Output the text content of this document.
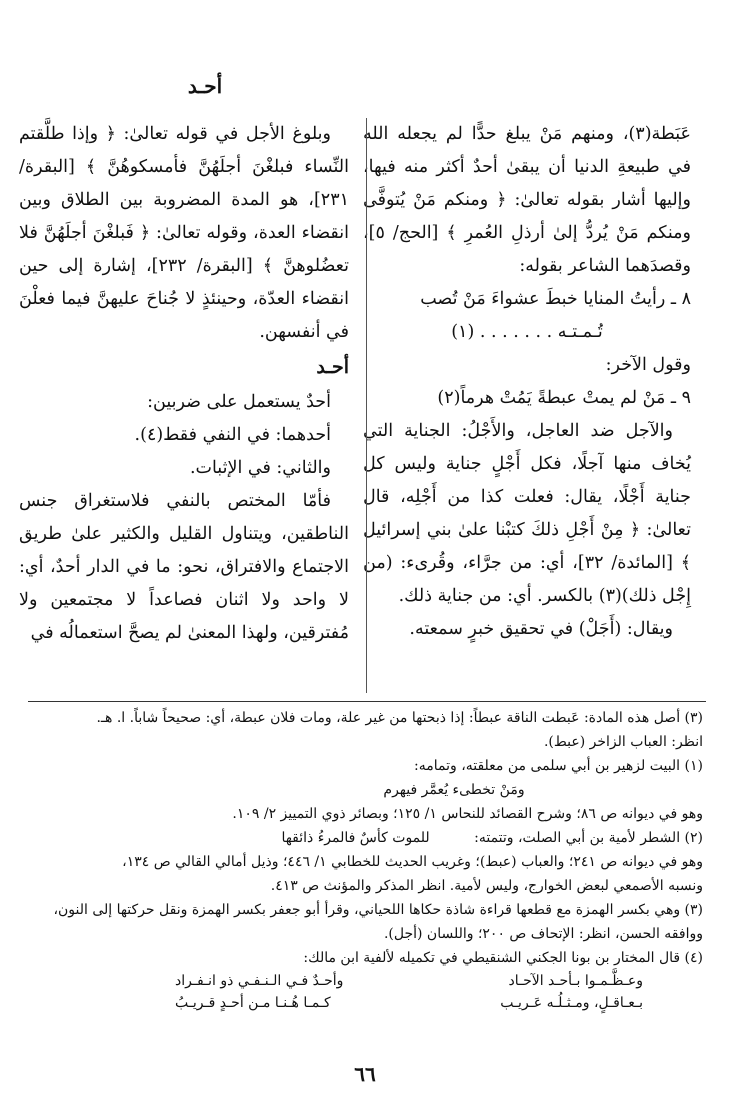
أحـد

عَبَطة(٣)، ومنهم مَنْ يبلغ حدًّا لم يجعله الله في طبيعةِ الدنيا أن يبقىٰ أحدٌ أكثر منه فيها، وإليها أشار بقوله تعالىٰ: ﴿ ومنكم مَنْ يُتوفَّى ومنكم مَنْ يُردُّ إلىٰ أرذلِ العُمرِ ﴾ [الحج/ ٥]، وقصدَهما الشاعر بقوله:

٨ ـ رأيتُ المنايا خبطَ عشواءَ مَنْ تُصب

تُـمـتـه . . . . . . . (١)

وقول الآخر:

٩ ـ مَنْ لم يمتْ عبطةً يَمُتْ هرماً(٢)

والآجل ضد العاجل، والأَجْلُ: الجناية التي يُخاف منها آجلًا، فكل أَجْلٍ جناية وليس كل جناية أَجْلًا، يقال: فعلت كذا من أَجْلِه، قال تعالىٰ: ﴿ مِنْ أَجْلِ ذلكَ كتبْنا علىٰ بني إسرائيل ﴾ [المائدة/ ٣٢]، أي: من جرَّاء، وقُرىء: (من إِجْل ذلك)(٣) بالكسر. أي: من جناية ذلك.

ويقال: (أَجَلْ) في تحقيق خبرٍ سمعته.

وبلوغ الأجل في قوله تعالىٰ: ﴿ وإذا طلَّقتم النِّساء فبلغْنَ أجلَهُنَّ فأمسكوهُنَّ ﴾ [البقرة/ ٢٣١]، هو المدة المضروبة بين الطلاق وبين انقضاء العدة، وقوله تعالىٰ: ﴿ فَبلغْنَ أجلَهُنَّ فلا تعضُلوهنَّ ﴾ [البقرة/ ٢٣٢]، إشارة إلى حين انقضاء العدّة، وحينئذٍ لا جُناحَ عليهنَّ فيما فعلْنَ في أنفسهن.

أحـد

أحدٌ يستعمل على ضربين:

أحدهما: في النفي فقط(٤).

والثاني: في الإثبات.

فأمّا المختص بالنفي فلاستغراق جنس الناطقين، ويتناول القليل والكثير علىٰ طريق الاجتماع والافتراق، نحو: ما في الدار أحدٌ، أي: لا واحد ولا اثنان فصاعداً لا مجتمعين ولا مُفترقين، ولهذا المعنىٰ لم يصحَّ استعمالُه في

(٣) أصل هذه المادة: عَبطت الناقة عبطاً: إذا ذبحتها من غير علة، ومات فلان عبطة، أي: صحيحاً شاباً. ا. هـ.

انظر: العباب الزاخر (عبط).

(١) البيت لزهير بن أبي سلمى من معلقته، وتمامه:

ومَنْ تخطىء يُعمَّر فيهرم

وهو في ديوانه ص ٨٦؛ وشرح القصائد للنحاس ١/ ١٢٥؛ وبصائر ذوي التمييز ٢/ ١٠٩.

(٢) الشطر لأمية بن أبي الصلت، وتتمته: للموت كأسٌ فالمرءُ ذائقها

وهو في ديوانه ص ٢٤١؛ والعباب (عبط)؛ وغريب الحديث للخطابي ١/ ٤٤٦؛ وذيل أمالي القالي ص ١٣٤،

ونسبه الأصمعي لبعض الخوارج، وليس لأمية. انظر المذكر والمؤنث ص ٤١٣.

(٣) وهي بكسر الهمزة مع قطعها قراءة شاذة حكاها اللحياني، وقرأ أبو جعفر بكسر الهمزة ونقل حركتها إلى النون،

ووافقه الحسن، انظر: الإتحاف ص ٢٠٠؛ واللسان (أجل).

(٤) قال المختار بن بونا الجكني الشنقيطي في تكميله لألفية ابن مالك:

وعـظَّـمـوا بـأحـد الآحـاد
وأحـدٌ فـي الـنـفـي ذو انـفـراد
بـعـاقـلٍ، ومـثـلُـه عَـريـب
كـمـا هُـنـا مـن أحـدٍ قـريـبُ
٦٦
